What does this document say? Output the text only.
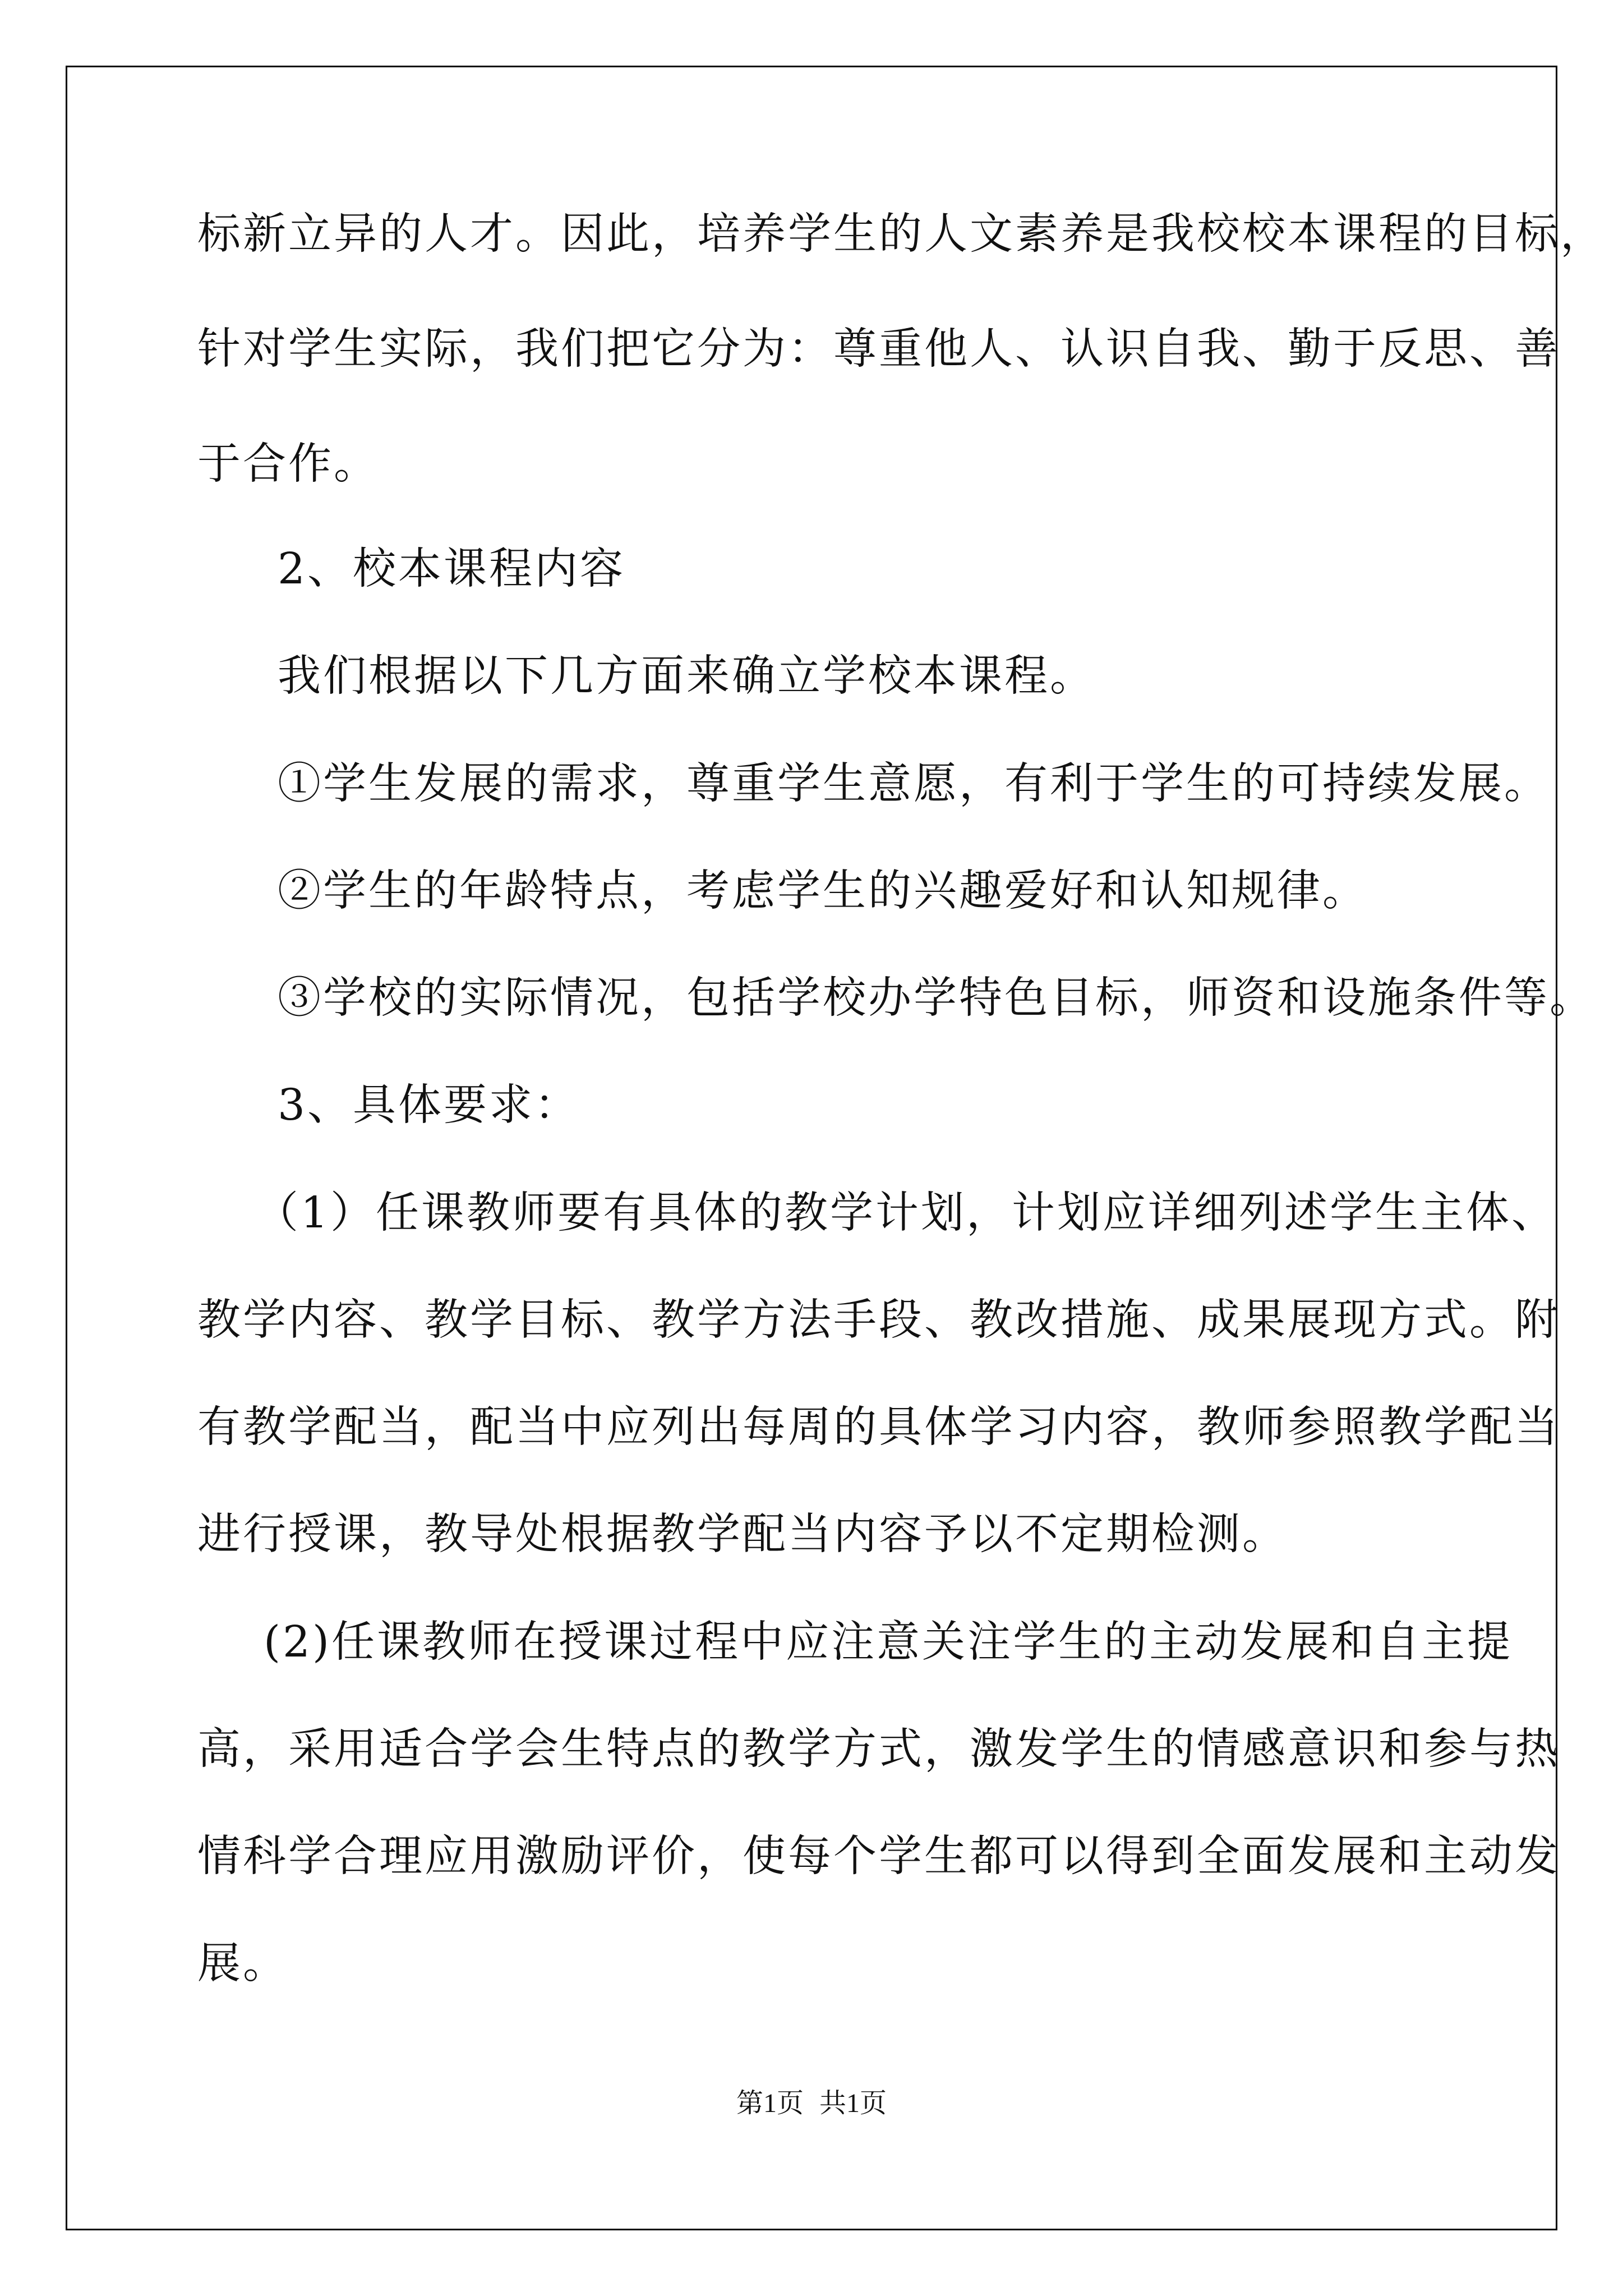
标新立异的人才。因此，培养学生的人文素养是我校校本课程的目标，
针对学生实际，我们把它分为：尊重他人、认识自我、勤于反思、善
于合作。
2、校本课程内容
我们根据以下几方面来确立学校本课程。
①学生发展的需求，尊重学生意愿，有利于学生的可持续发展。
②学生的年龄特点，考虑学生的兴趣爱好和认知规律。
③学校的实际情况，包括学校办学特色目标，师资和设施条件等。
3、具体要求：
（1）任课教师要有具体的教学计划，计划应详细列述学生主体、
教学内容、教学目标、教学方法手段、教改措施、成果展现方式。附
有教学配当，配当中应列出每周的具体学习内容，教师参照教学配当
进行授课，教导处根据教学配当内容予以不定期检测。
(2)任课教师在授课过程中应注意关注学生的主动发展和自主提
高，采用适合学会生特点的教学方式，激发学生的情感意识和参与热
情科学合理应用激励评价，使每个学生都可以得到全面发展和主动发
展。
第1页 共1页
